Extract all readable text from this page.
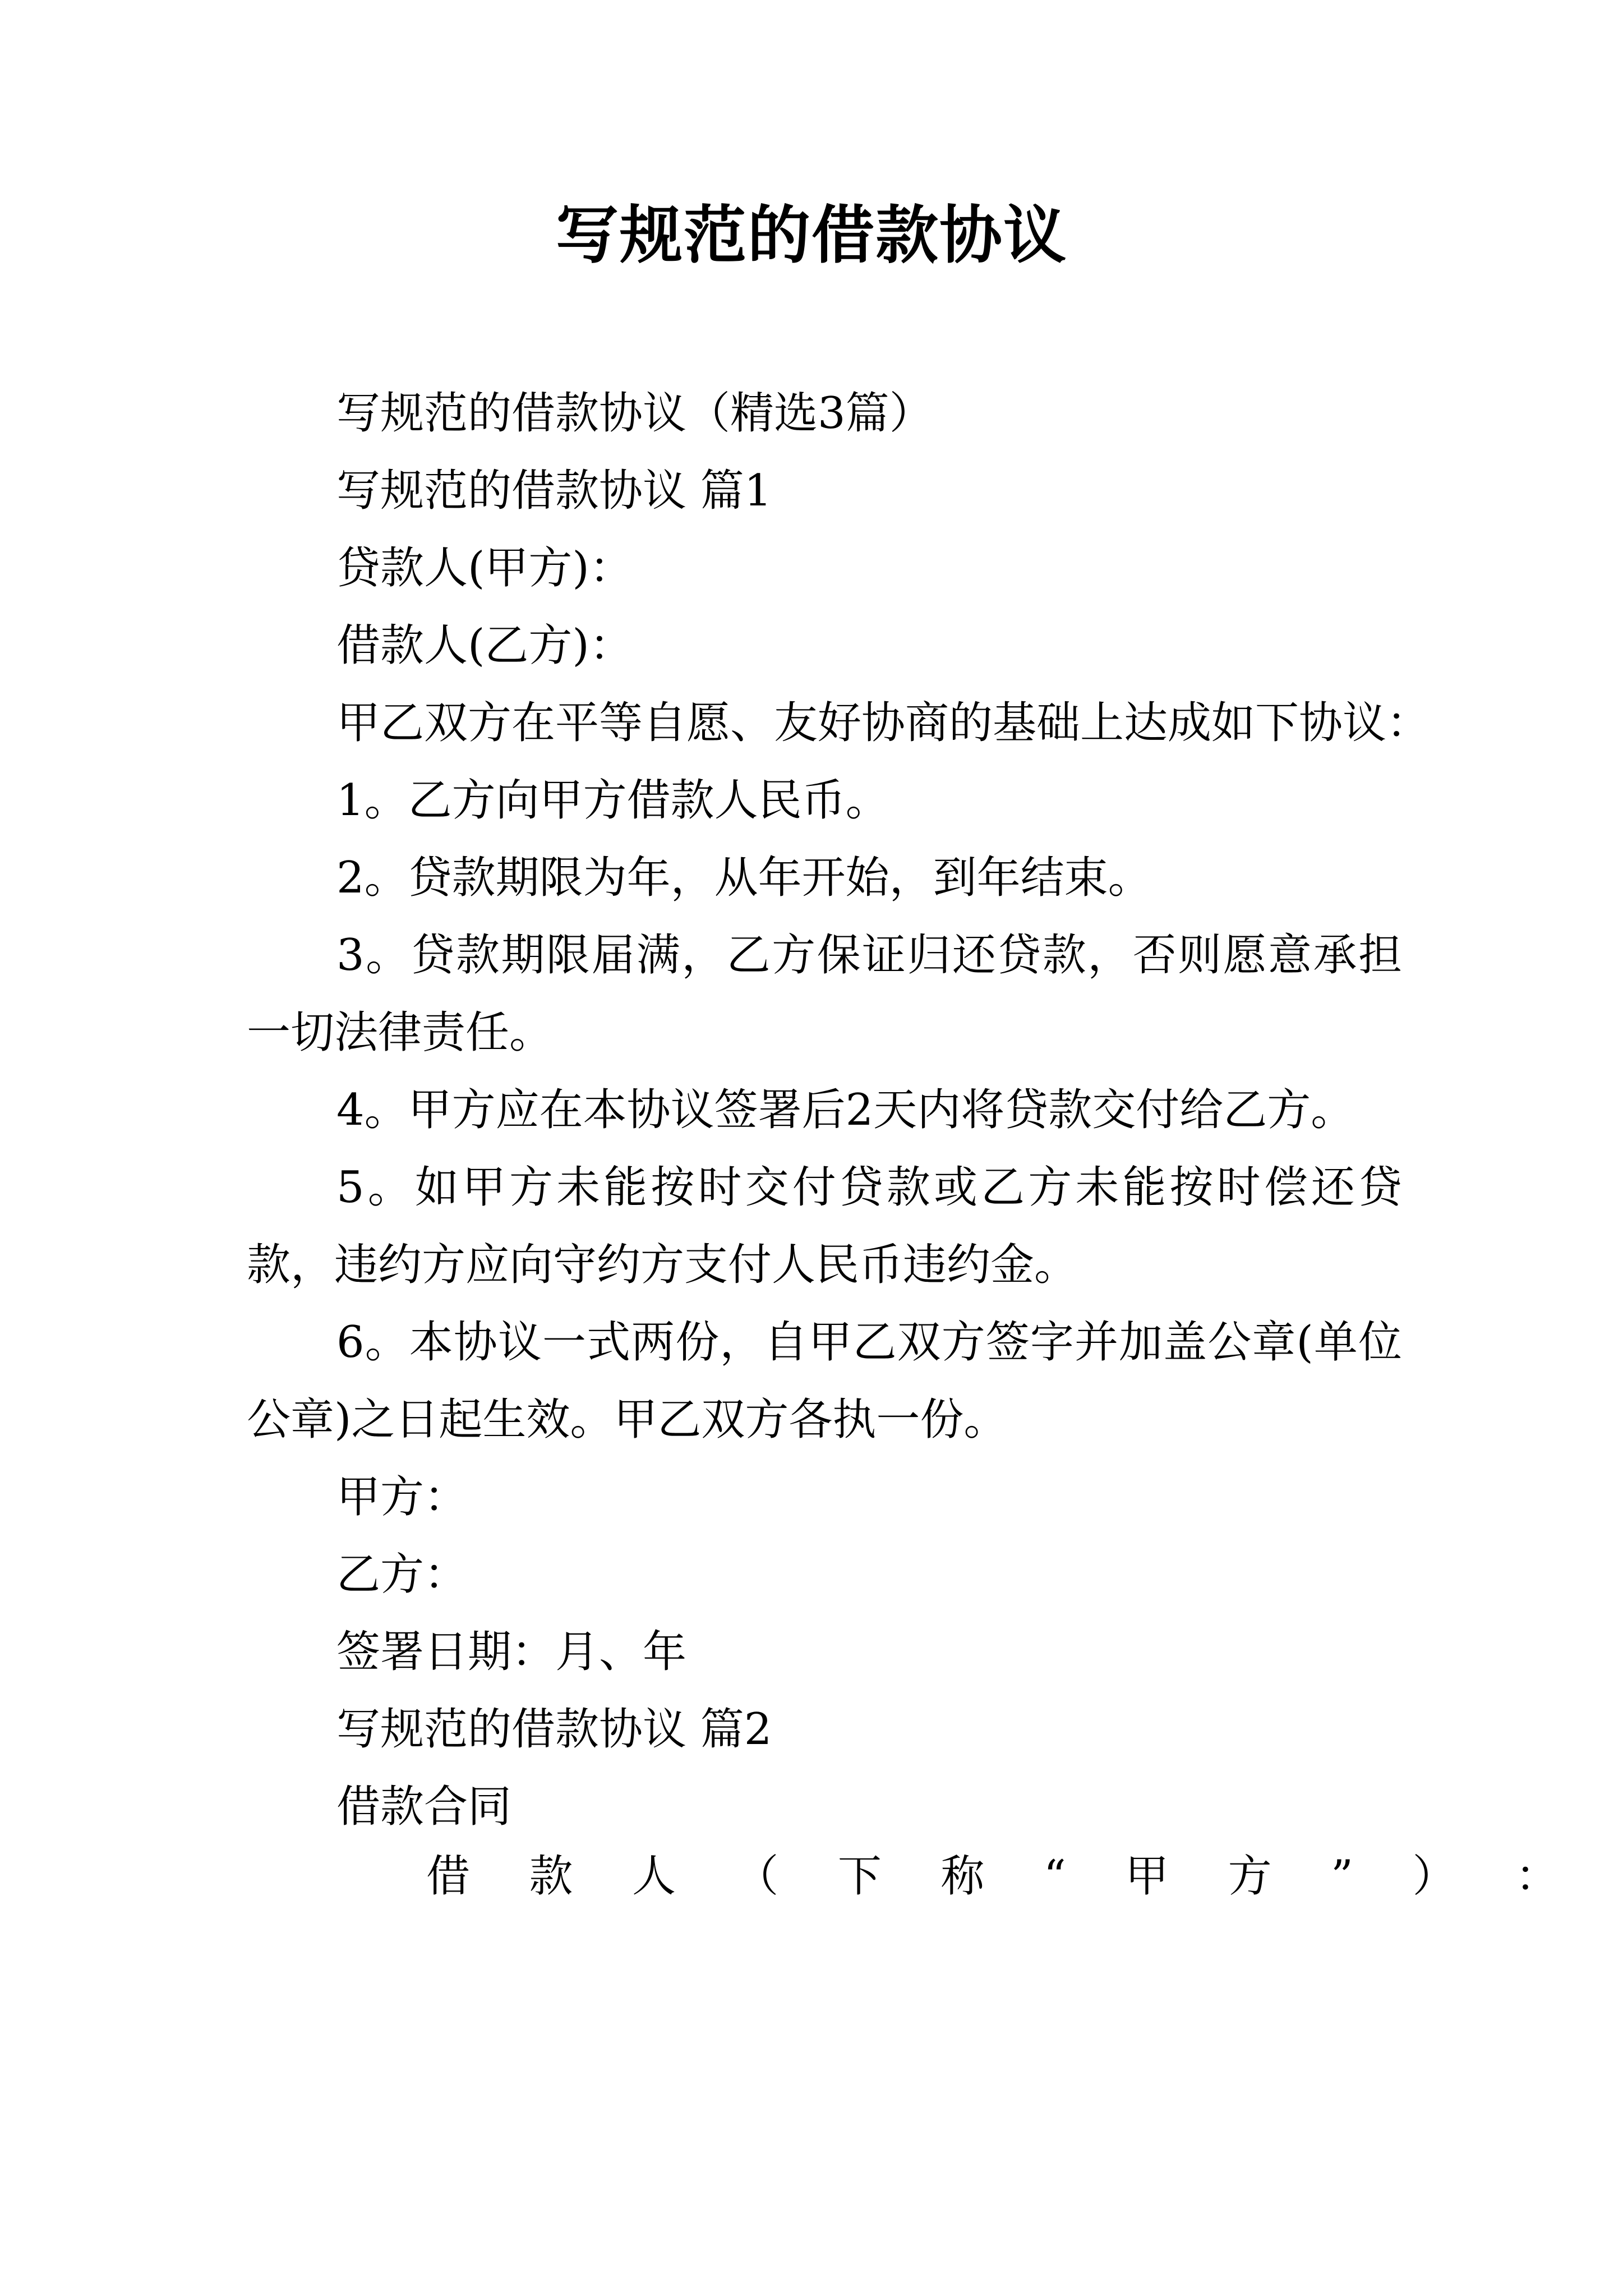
写规范的借款协议

写规范的借款协议（精选3篇）

写规范的借款协议 篇1

贷款人(甲方)：

借款人(乙方)：

甲乙双方在平等自愿、友好协商的基础上达成如下协议：

1。乙方向甲方借款人民币。

2。贷款期限为年，从年开始，到年结束。

3。贷款期限届满，乙方保证归还贷款，否则愿意承担一切法律责任。

4。甲方应在本协议签署后2天内将贷款交付给乙方。

5。如甲方未能按时交付贷款或乙方未能按时偿还贷款，违约方应向守约方支付人民币违约金。

6。本协议一式两份，自甲乙双方签字并加盖公章(单位公章)之日起生效。甲乙双方各执一份。

甲方：

乙方：

签署日期：月、年

写规范的借款协议 篇2

借款合同

借 款 人 （ 下 称 “ 甲 方 ” ） ：
